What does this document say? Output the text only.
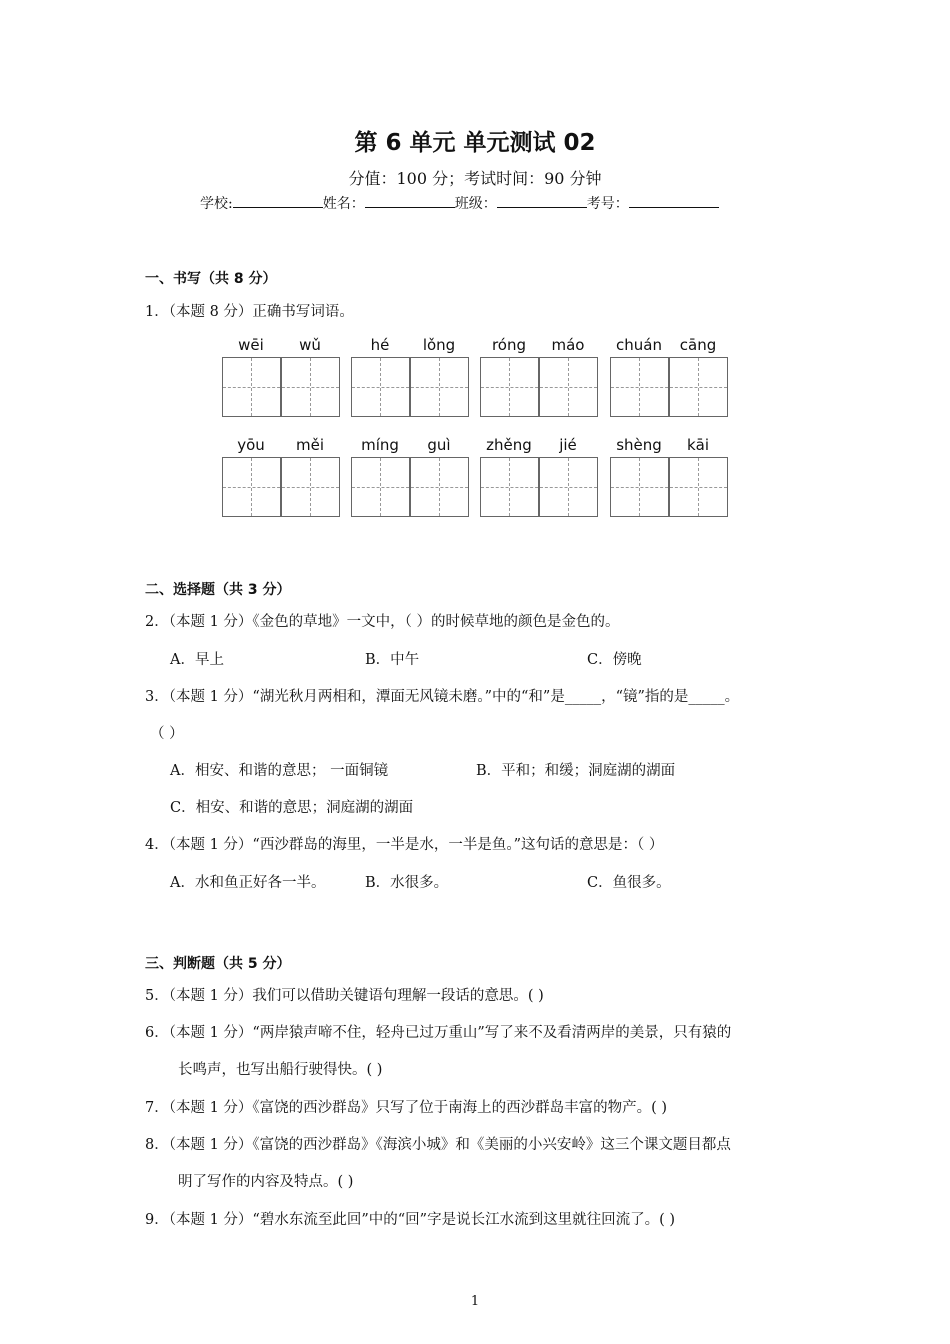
第 6 单元 单元测试 02
分值：100 分；考试时间：90 分钟
学校:	姓名：	班级：	考号：
一、书写（共 8 分）
1．（本题 8 分）正确书写词语。
wēi	wǔ	hé	lǒng	róng	máo	chuán	cāng
yōu	měi	míng	guì	zhěng	jié	shèng	kāi
二、选择题（共 3 分）
2．（本题 1 分）《金色的草地》一文中，（ ）的时候草地的颜色是金色的。
A．早上	B．中午	C．傍晚
3．（本题 1 分）“湖光秋月两相和，潭面无风镜未磨。”中的“和”是_____，“镜”指的是_____。
（ ）
A．相安、和谐的意思； 一面铜镜	B．平和；和缓；洞庭湖的湖面
C．相安、和谐的意思；洞庭湖的湖面
4．（本题 1 分）“西沙群岛的海里，一半是水，一半是鱼。”这句话的意思是：（ ）
A．水和鱼正好各一半。	B．水很多。	C．鱼很多。
三、判断题（共 5 分）
5．（本题 1 分）我们可以借助关键语句理解一段话的意思。( )
6．（本题 1 分）“两岸猿声啼不住，轻舟已过万重山”写了来不及看清两岸的美景，只有猿的
长鸣声，也写出船行驶得快。( )
7．（本题 1 分）《富饶的西沙群岛》只写了位于南海上的西沙群岛丰富的物产。( )
8．（本题 1 分）《富饶的西沙群岛》《海滨小城》和《美丽的小兴安岭》这三个课文题目都点
明了写作的内容及特点。( )
9．（本题 1 分）“碧水东流至此回”中的“回”字是说长江水流到这里就往回流了。( )
1
